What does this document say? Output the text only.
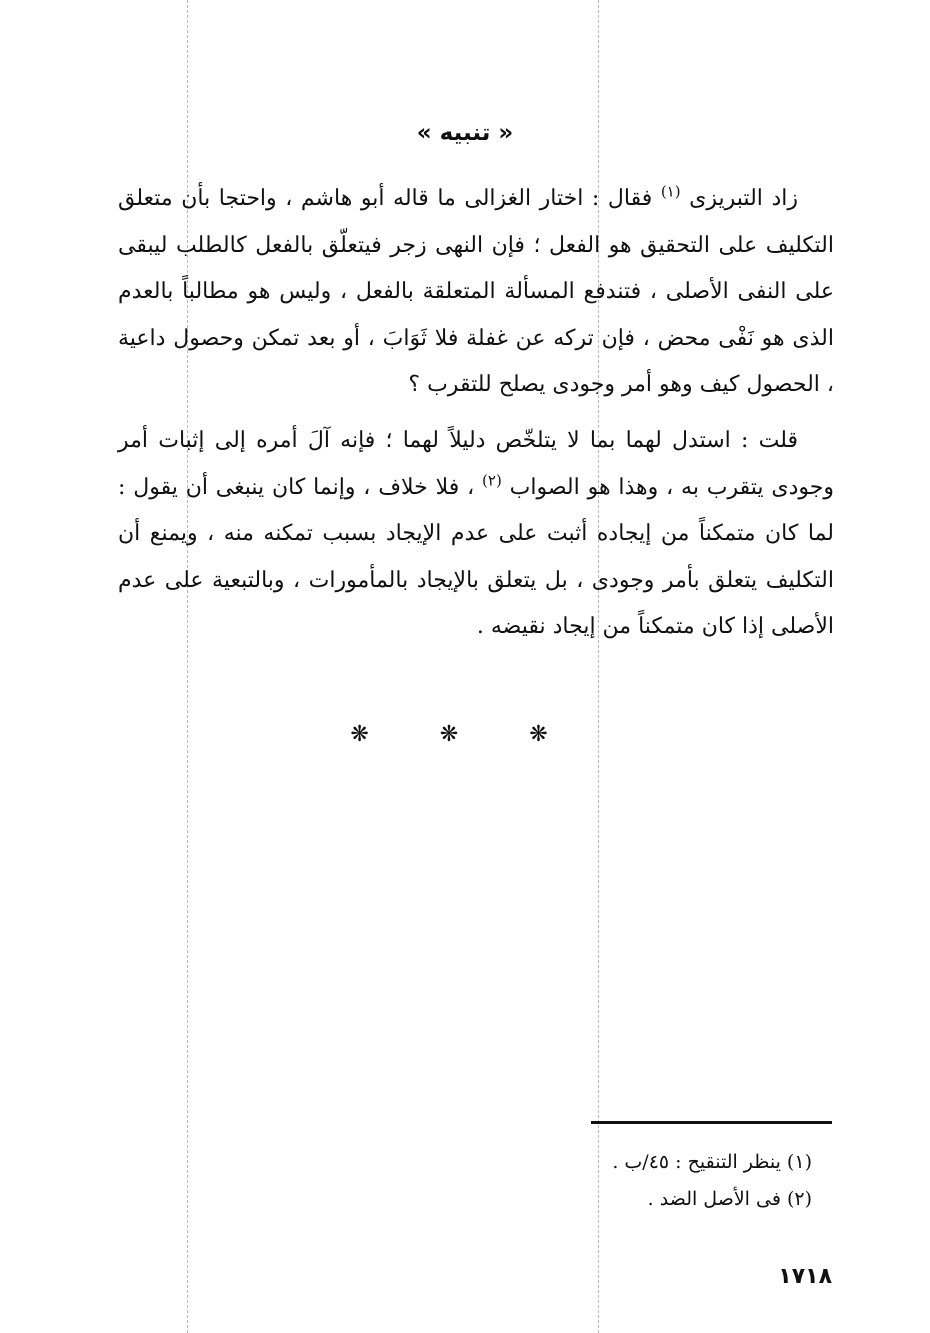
« تنبيه »

زاد التبريزى $^{(١)}$ فقال : اختار الغزالى ما قاله أبو هاشم ، واحتجا بأن متعلق التكليف على التحقيق هو الفعل ؛ فإن النهى زجر فيتعلّق بالفعل كالطلب ليبقى على النفى الأصلى ، فتندفع المسألة المتعلقة بالفعل ، وليس هو مطالباً بالعدم الذى هو نَفْى محض ، فإن تركه عن غفلة فلا ثَوَابَ ، أو بعد تمكن وحصول داعية ، الحصول كيف وهو أمر وجودى يصلح للتقرب ؟

قلت : استدل لهما بما لا يتلخّص دليلاً لهما ؛ فإنه آلَ أمره إلى إثبات أمر وجودى يتقرب به ، وهذا هو الصواب $^{(٢)}$ ، فلا خلاف ، وإنما كان ينبغى أن يقول : لما كان متمكناً من إيجاده أثبت على عدم الإيجاد بسبب تمكنه منه ، ويمنع أن التكليف يتعلق بأمر وجودى ، بل يتعلق بالإيجاد بالمأمورات ، وبالتبعية على عدم الأصلى إذا كان متمكناً من إيجاد نقيضه .

❋ ❋ ❋
(١) ينظر التنقيح : ٤٥/ب .
(٢) فى الأصل الضد .
١٧١٨
